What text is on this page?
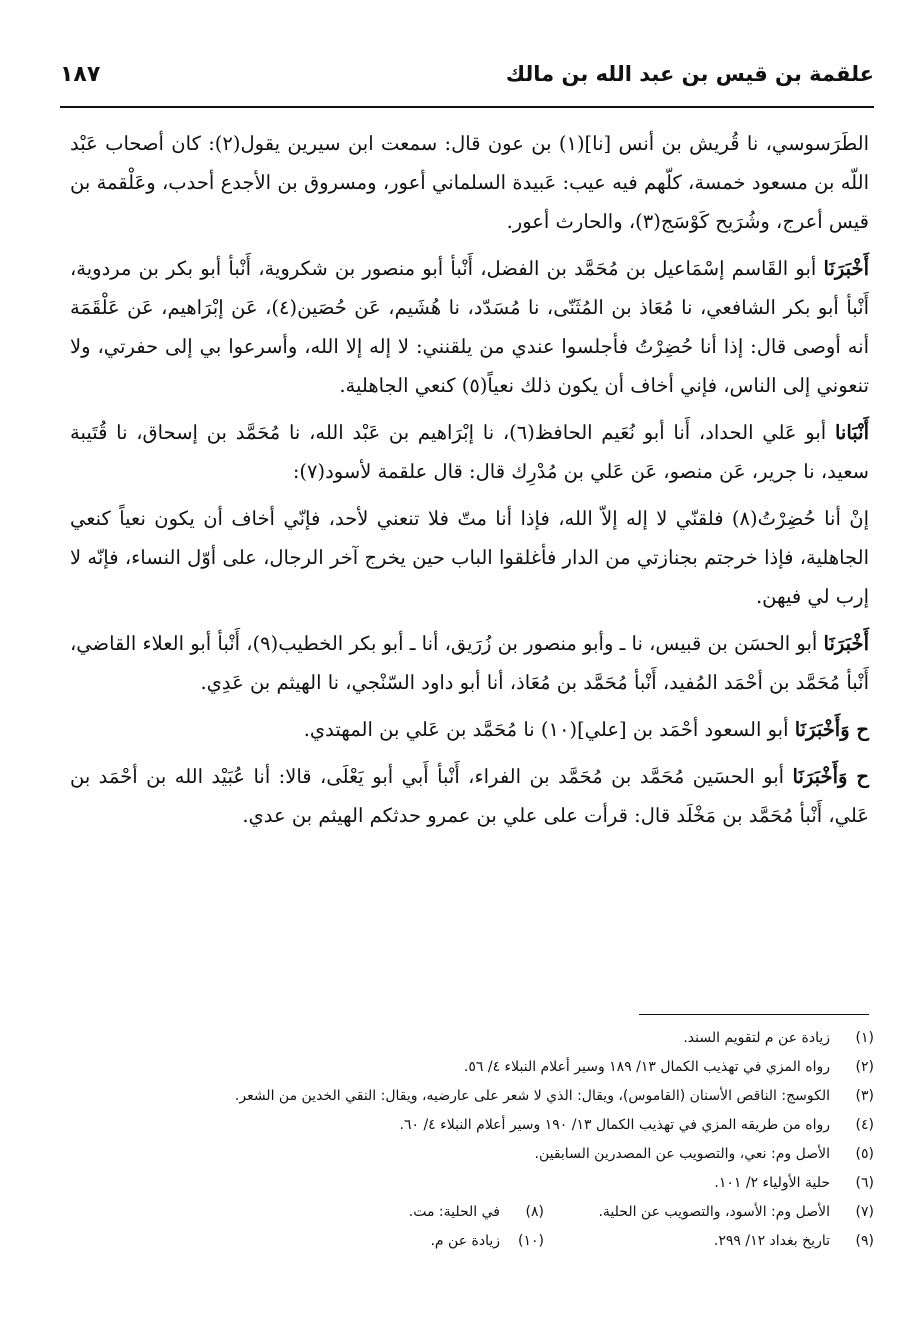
علقمة بن قيس بن عبد الله بن مالك
١٨٧

الطَرَسوسي، نا قُريش بن أنس [نا](١) بن عون قال: سمعت ابن سيرين يقول(٢): كان أصحاب عَبْد اللّه بن مسعود خمسة، كلّهم فيه عيب: عَبيدة السلماني أعور، ومسروق بن الأجدع أحدب، وعَلْقمة بن قيس أعرج، وشُرَيح كَوْسَج(٣)، والحارث أعور.

أَخْبَرَنَا أبو القَاسم إسْمَاعيل بن مُحَمَّد بن الفضل، أَنْبأ أبو منصور بن شكروية، أَنْبأ أبو بكر بن مردوية، أَنْبأ أبو بكر الشافعي، نا مُعَاذ بن المُثَنّى، نا مُسَدّد، نا هُشَيم، عَن حُصَين(٤)، عَن إبْرَاهيم، عَن عَلْقَمَة أنه أوصى قال: إذا أنا حُضِرْتُ فأجلسوا عندي من يلقنني: لا إله إلا الله، وأسرعوا بي إلى حفرتي، ولا تنعوني إلى الناس، فإني أخاف أن يكون ذلك نعياً(٥) كنعي الجاهلية.

أَنْبَانا أبو عَلي الحداد، أَنا أبو نُعَيم الحافظ(٦)، نا إبْرَاهيم بن عَبْد الله، نا مُحَمَّد بن إسحاق، نا قُتَيبة سعيد، نا جرير، عَن منصو، عَن عَلي بن مُدْرِك قال: قال علقمة لأسود(٧):

إنْ أنا حُضِرْتُ(٨) فلقنّي لا إله إلاّ الله، فإذا أنا متّ فلا تنعني لأحد، فإنّي أخاف أن يكون نعياً كنعي الجاهلية، فإذا خرجتم بجنازتي من الدار فأغلقوا الباب حين يخرج آخر الرجال، على أوّل النساء، فإنّه لا إرب لي فيهن.

أَخْبَرَنَا أبو الحسَن بن قبيس، نا ـ وأبو منصور بن زُرَيق، أنا ـ أبو بكر الخطيب(٩)، أَنْبأ أبو العلاء القاضي، أَنْبأ مُحَمَّد بن أحْمَد المُفيد، أَنْبأ مُحَمَّد بن مُعَاذ، أنا أبو داود السّنْجي، نا الهيثم بن عَدِي.

ح وَأَخْبَرَنَا أبو السعود أحْمَد بن [علي](١٠) نا مُحَمَّد بن عَلي بن المهتدي.

ح وَأَخْبَرَنَا أبو الحسَين مُحَمَّد بن مُحَمَّد بن الفراء، أَنْبأ أَبي أبو يَعْلَى، قالا: أنا عُبَيْد الله بن أحْمَد بن عَلي، أَنْبأ مُحَمَّد بن مَخْلَد قال: قرأت على علي بن عمرو حدثكم الهيثم بن عدي.

(١)
زيادة عن م لتقويم السند.
(٢)
رواه المزي في تهذيب الكمال ١٣/ ١٨٩ وسير أعلام النبلاء ٤/ ٥٦.
(٣)
الكوسج: الناقص الأسنان (القاموس)، ويقال: الذي لا شعر على عارضيه، ويقال: النقي الخدين من الشعر.
(٤)
رواه من طريقه المزي في تهذيب الكمال ١٣/ ١٩٠ وسير أعلام النبلاء ٤/ ٦٠.
(٥)
الأصل وم: نعي، والتصويب عن المصدرين السابقين.
(٦)
حلية الأولياء ٢/ ١٠١.
(٧)
الأصل وم: الأسود، والتصويب عن الحلية.
(٨)
في الحلية: مت.
(٩)
تاريخ بغداد ١٢/ ٢٩٩.
(١٠)
زيادة عن م.
